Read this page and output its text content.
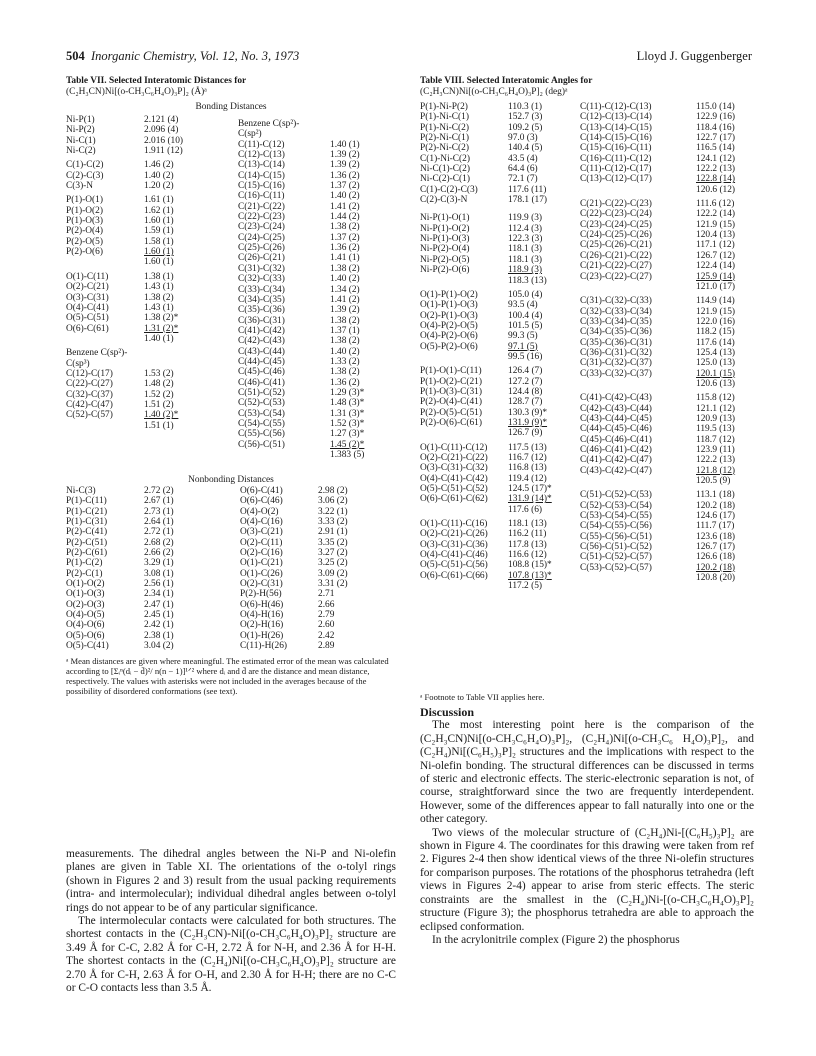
504 Inorganic Chemistry, Vol. 12, No. 3, 1973	Lloyd J. Guggenberger
Table VII. Selected Interatomic Distances for
(C₂H₃CN)Ni[(o-CH₃C₆H₄O)₃P]₂ (Å)ᵃ
Bonding Distances
Ni-P(1)	2.121 (4)
Ni-P(2)	2.096 (4)
Ni-C(1)	2.016 (10)
Ni-C(2)	1.911 (12)
C(1)-C(2)	1.46 (2)
C(2)-C(3)	1.40 (2)
C(3)-N	1.20 (2)
P(1)-O(1)	1.61 (1)
P(1)-O(2)	1.62 (1)
P(1)-O(3)	1.60 (1)
P(2)-O(4)	1.59 (1)
P(2)-O(5)	1.58 (1)
P(2)-O(6)	1.60 (1)
1.60 (1)
O(1)-C(11)	1.38 (1)
O(2)-C(21)	1.43 (1)
O(3)-C(31)	1.38 (2)
O(4)-C(41)	1.43 (1)
O(5)-C(51)	1.38 (2)*
O(6)-C(61)	1.31 (2)*
1.40 (1)
Benzene C(sp²)-
C(sp³)
C(12)-C(17)	1.53 (2)
C(22)-C(27)	1.48 (2)
C(32)-C(37)	1.52 (2)
C(42)-C(47)	1.51 (2)
C(52)-C(57)	1.40 (2)*
1.51 (1)
Benzene C(sp²)-
C(sp²)
C(11)-C(12)	1.40 (1)
C(12)-C(13)	1.39 (2)
C(13)-C(14)	1.39 (2)
C(14)-C(15)	1.36 (2)
C(15)-C(16)	1.37 (2)
C(16)-C(11)	1.40 (2)
C(21)-C(22)	1.41 (2)
C(22)-C(23)	1.44 (2)
C(23)-C(24)	1.38 (2)
C(24)-C(25)	1.37 (2)
C(25)-C(26)	1.36 (2)
C(26)-C(21)	1.41 (1)
C(31)-C(32)	1.38 (2)
C(32)-C(33)	1.40 (2)
C(33)-C(34)	1.34 (2)
C(34)-C(35)	1.41 (2)
C(35)-C(36)	1.39 (2)
C(36)-C(31)	1.38 (2)
C(41)-C(42)	1.37 (1)
C(42)-C(43)	1.38 (2)
C(43)-C(44)	1.40 (2)
C(44)-C(45)	1.33 (2)
C(45)-C(46)	1.38 (2)
C(46)-C(41)	1.36 (2)
C(51)-C(52)	1.29 (3)*
C(52)-C(53)	1.48 (3)*
C(53)-C(54)	1.31 (3)*
C(54)-C(55)	1.52 (3)*
C(55)-C(56)	1.27 (3)*
C(56)-C(51)	1.45 (2)*
1.383 (5)
Nonbonding Distances
Ni-C(3)	2.72 (2)	O(6)-C(41)	2.98 (2)
P(1)-C(11)	2.67 (1)	O(6)-C(46)	3.06 (2)
P(1)-C(21)	2.73 (1)	O(4)-O(2)	3.22 (1)
P(1)-C(31)	2.64 (1)	O(4)-C(16)	3.33 (2)
P(2)-C(41)	2.72 (1)	O(3)-C(21)	2.91 (1)
P(2)-C(51)	2.68 (2)	O(2)-C(11)	3.35 (2)
P(2)-C(61)	2.66 (2)	O(2)-C(16)	3.27 (2)
P(1)-C(2)	3.29 (1)	O(1)-C(21)	3.25 (2)
P(2)-C(1)	3.08 (1)	O(1)-C(26)	3.09 (2)
O(1)-O(2)	2.56 (1)	O(2)-C(31)	3.31 (2)
O(1)-O(3)	2.34 (1)	P(2)-H(56)	2.71
O(2)-O(3)	2.47 (1)	O(6)-H(46)	2.66
O(4)-O(5)	2.45 (1)	O(4)-H(16)	2.79
O(4)-O(6)	2.42 (1)	O(2)-H(16)	2.60
O(5)-O(6)	2.38 (1)	O(1)-H(26)	2.42
O(5)-C(41)	3.04 (2)	C(11)-H(26)	2.89
ᵃ Mean distances are given where meaningful. The estimated error of the mean was calculated according to [Σᵢⁿ(dᵢ − d̄)²/ n(n − 1)]¹ᐟ² where dᵢ and d̄ are the distance and mean distance, respectively. The values with asterisks were not included in the averages because of the possibility of disordered conformations (see text).
Table VIII. Selected Interatomic Angles for
(C₂H₃CN)Ni[(o-CH₃C₆H₄O)₃P]₂ (deg)ᵃ
P(1)-Ni-P(2)	110.3 (1)
P(1)-Ni-C(1)	152.7 (3)
P(1)-Ni-C(2)	109.2 (5)
P(2)-Ni-C(1)	97.0 (3)
P(2)-Ni-C(2)	140.4 (5)
C(1)-Ni-C(2)	43.5 (4)
Ni-C(1)-C(2)	64.4 (6)
Ni-C(2)-C(1)	72.1 (7)
C(1)-C(2)-C(3)	117.6 (11)
C(2)-C(3)-N	178.1 (17)
Ni-P(1)-O(1)	119.9 (3)
Ni-P(1)-O(2)	112.4 (3)
Ni-P(1)-O(3)	122.3 (3)
Ni-P(2)-O(4)	118.1 (3)
Ni-P(2)-O(5)	118.1 (3)
Ni-P(2)-O(6)	118.9 (3)
118.3 (13)
O(1)-P(1)-O(2)	105.0 (4)
O(1)-P(1)-O(3)	93.5 (4)
O(2)-P(1)-O(3)	100.4 (4)
O(4)-P(2)-O(5)	101.5 (5)
O(4)-P(2)-O(6)	99.3 (5)
O(5)-P(2)-O(6)	97.1 (5)
99.5 (16)
P(1)-O(1)-C(11)	126.4 (7)
P(1)-O(2)-C(21)	127.2 (7)
P(1)-O(3)-C(31)	124.4 (8)
P(2)-O(4)-C(41)	128.7 (7)
P(2)-O(5)-C(51)	130.3 (9)*
P(2)-O(6)-C(61)	131.9 (9)*
126.7 (9)
O(1)-C(11)-C(12) 117.5 (13)
O(2)-C(21)-C(22) 116.7 (12)
O(3)-C(31)-C(32) 116.8 (13)
O(4)-C(41)-C(42) 119.4 (12)
O(5)-C(51)-C(52) 124.5 (17)*
O(6)-C(61)-C(62) 131.9 (14)*
117.6 (6)
O(1)-C(11)-C(16) 118.1 (13)
O(2)-C(21)-C(26) 116.2 (11)
O(3)-C(31)-C(36) 117.8 (13)
O(4)-C(41)-C(46) 116.6 (12)
O(5)-C(51)-C(56) 108.8 (15)*
O(6)-C(61)-C(66) 107.8 (13)*
117.2 (5)
C(11)-C(12)-C(13)	115.0 (14)
C(12)-C(13)-C(14)	122.9 (16)
C(13)-C(14)-C(15)	118.4 (16)
C(14)-C(15)-C(16)	122.7 (17)
C(15)-C(16)-C(11)	116.5 (14)
C(16)-C(11)-C(12)	124.1 (12)
C(11)-C(12)-C(17)	122.2 (13)
C(13)-C(12)-C(17)	122.8 (14)
120.6 (12)
C(21)-C(22)-C(23)	111.6 (12)
C(22)-C(23)-C(24)	122.2 (14)
C(23)-C(24)-C(25)	121.9 (15)
C(24)-C(25)-C(26)	120.4 (13)
C(25)-C(26)-C(21)	117.1 (12)
C(26)-C(21)-C(22)	126.7 (12)
C(21)-C(22)-C(27)	122.4 (14)
C(23)-C(22)-C(27)	125.9 (14)
121.0 (17)
C(31)-C(32)-C(33)	114.9 (14)
C(32)-C(33)-C(34)	121.9 (15)
C(33)-C(34)-C(35)	122.0 (16)
C(34)-C(35)-C(36)	118.2 (15)
C(35)-C(36)-C(31)	117.6 (14)
C(36)-C(31)-C(32)	125.4 (13)
C(31)-C(32)-C(37)	125.0 (13)
C(33)-C(32)-C(37)	120.1 (15)
120.6 (13)
C(41)-C(42)-C(43)	115.8 (12)
C(42)-C(43)-C(44)	121.1 (12)
C(43)-C(44)-C(45)	120.9 (13)
C(44)-C(45)-C(46)	119.5 (13)
C(45)-C(46)-C(41)	118.7 (12)
C(46)-C(41)-C(42)	123.9 (11)
C(41)-C(42)-C(47)	122.2 (13)
C(43)-C(42)-C(47)	121.8 (12)
120.5 (9)
C(51)-C(52)-C(53)	113.1 (18)
C(52)-C(53)-C(54)	120.2 (18)
C(53)-C(54)-C(55)	124.6 (17)
C(54)-C(55)-C(56)	111.7 (17)
C(55)-C(56)-C(51)	123.6 (18)
C(56)-C(51)-C(52)	126.7 (17)
C(51)-C(52)-C(57)	126.6 (18)
C(53)-C(52)-C(57)	120.2 (18)
120.8 (20)
ᵃ Footnote to Table VII applies here.

measurements. The dihedral angles between the Ni-P and Ni-olefin planes are given in Table XI. The orientations of the o-tolyl rings (shown in Figures 2 and 3) result from the usual packing requirements (intra- and intermolecular); individual dihedral angles between o-tolyl rings do not appear to be of any particular significance.

The intermolecular contacts were calculated for both structures. The shortest contacts in the (C₂H₃CN)-Ni[(o-CH₃C₆H₄O)₃P]₂ structure are 3.49 Å for C-C, 2.82 Å for C-H, 2.72 Å for N-H, and 2.36 Å for H-H. The shortest contacts in the (C₂H₄)Ni[(o-CH₃C₆H₄O)₃P]₂ structure are 2.70 Å for C-H, 2.63 Å for O-H, and 2.30 Å for H-H; there are no C-C or C-O contacts less than 3.5 Å.

Discussion

The most interesting point here is the comparison of the (C₂H₃CN)Ni[(o-CH₃C₆H₄O)₃P]₂, (C₂H₄)Ni[(o-CH₃C₆ H₄O)₃P]₂, and (C₂H₄)Ni[(C₆H₅)₃P]₂ structures and the implications with respect to the Ni-olefin bonding. The structural differences can be discussed in terms of steric and electronic effects. The steric-electronic separation is not, of course, straightforward since the two are frequently interdependent. However, some of the differences appear to fall naturally into one or the other category.

Two views of the molecular structure of (C₂H₄)Ni-[(C₆H₅)₃P]₂ are shown in Figure 4. The coordinates for this drawing were taken from ref 2. Figures 2-4 then show identical views of the three Ni-olefin structures for comparison purposes. The rotations of the phosphorus tetrahedra (left views in Figures 2-4) appear to arise from steric effects. The steric constraints are the smallest in the (C₂H₄)Ni-[(o-CH₃C₆H₄O)₃P]₂ structure (Figure 3); the phosphorus tetrahedra are able to approach the eclipsed conformation.

In the acrylonitrile complex (Figure 2) the phosphorus
